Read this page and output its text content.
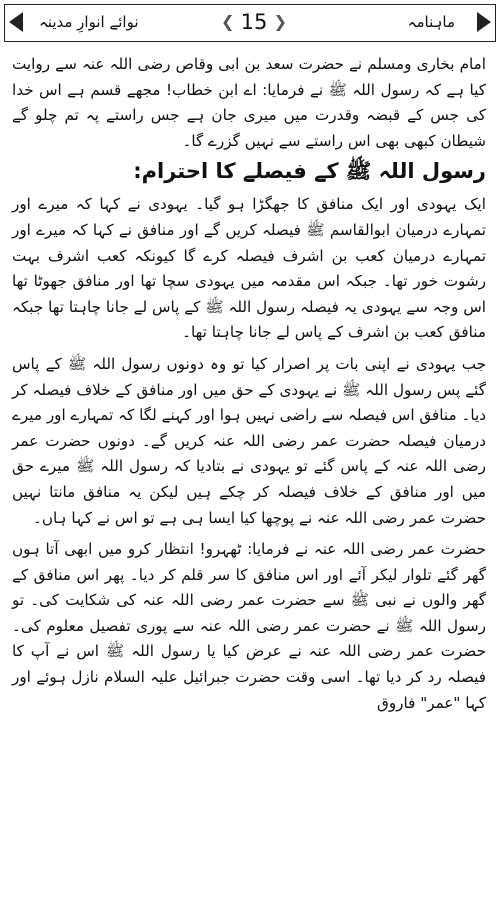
نوائے انوارِ مدینہ
❮	15 ❯	ماہنامہ

امام بخاری ومسلم نے حضرت سعد بن ابی وقاص رضی اللہ عنہ سے روایت کیا ہے کہ رسول اللہ ﷺ نے فرمایا: اے ابن خطاب! مجھے قسم ہے اس خدا کی جس کے قبضہ وقدرت میں میری جان ہے جس راستے پہ تم چلو گے شیطان کبھی بھی اس راستے سے نہیں گزرے گا۔

رسول اللہ ﷺ کے فیصلے کا احترام:

ایک یہودی اور ایک منافق کا جھگڑا ہو گیا۔ یہودی نے کہا کہ میرے اور تمہارے درمیان ابوالقاسم ﷺ فیصلہ کریں گے اور منافق نے کہا کہ میرے اور تمہارے درمیان کعب بن اشرف فیصلہ کرے گا کیونکہ کعب اشرف بہت رشوت خور تھا۔ جبکہ اس مقدمہ میں یہودی سچا تھا اور منافق جھوٹا تھا اس وجہ سے یہودی یہ فیصلہ رسول اللہ ﷺ کے پاس لے جانا چاہتا تھا جبکہ منافق کعب بن اشرف کے پاس لے جانا چاہتا تھا۔

جب یہودی نے اپنی بات پر اصرار کیا تو وہ دونوں رسول اللہ ﷺ کے پاس گئے پس رسول اللہ ﷺ نے یہودی کے حق میں اور منافق کے خلاف فیصلہ کر دیا۔ منافق اس فیصلہ سے راضی نہیں ہوا اور کہنے لگا کہ تمہارے اور میرے درمیان فیصلہ حضرت عمر رضی اللہ عنہ کریں گے۔ دونوں حضرت عمر رضی اللہ عنہ کے پاس گئے تو یہودی نے بتادیا کہ رسول اللہ ﷺ میرے حق میں اور منافق کے خلاف فیصلہ کر چکے ہیں لیکن یہ منافق مانتا نہیں حضرت عمر رضی اللہ عنہ نے پوچھا کیا ایسا ہی ہے تو اس نے کہا ہاں۔

حضرت عمر رضی اللہ عنہ نے فرمایا: ٹھہرو! انتظار کرو میں ابھی آتا ہوں گھر گئے تلوار لیکر آئے اور اس منافق کا سر قلم کر دیا۔ پھر اس منافق کے گھر والوں نے نبی ﷺ سے حضرت عمر رضی اللہ عنہ کی شکایت کی۔ تو رسول اللہ ﷺ نے حضرت عمر رضی اللہ عنہ سے پوری تفصیل معلوم کی۔ حضرت عمر رضی اللہ عنہ نے عرض کیا یا رسول اللہ ﷺ اس نے آپ کا فیصلہ رد کر دیا تھا۔ اسی وقت حضرت جبرائیل علیہ السلام نازل ہوئے اور کہا "عمر" فاروق
